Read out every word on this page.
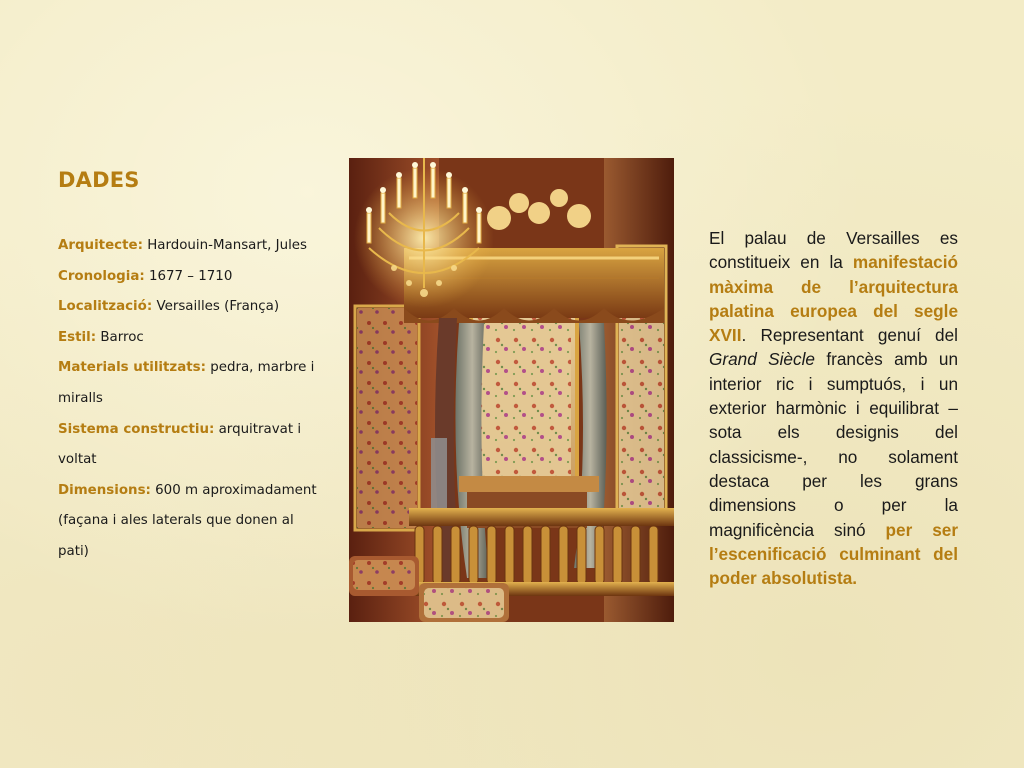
DADES

Arquitecte: Hardouin-Mansart, Jules

Cronologia: 1677 – 1710

Localització: Versailles (França)

Estil: Barroc

Materials utilitzats: pedra, marbre i miralls

Sistema constructiu: arquitravat i voltat

Dimensions: 600 m aproximadament (façana i ales laterals que donen al pati)

El palau de Versailles es constitueix en la manifestació màxima de l’arquitectura palatina europea del segle XVII. Representant genuí del Grand Siècle francès amb un interior ric i sumptuós, i un exterior harmònic i equilibrat –sota els designis del classicisme-, no solament destaca per les grans dimensions o per la magnificència sinó per ser l’escenificació culminant del poder absolutista.
